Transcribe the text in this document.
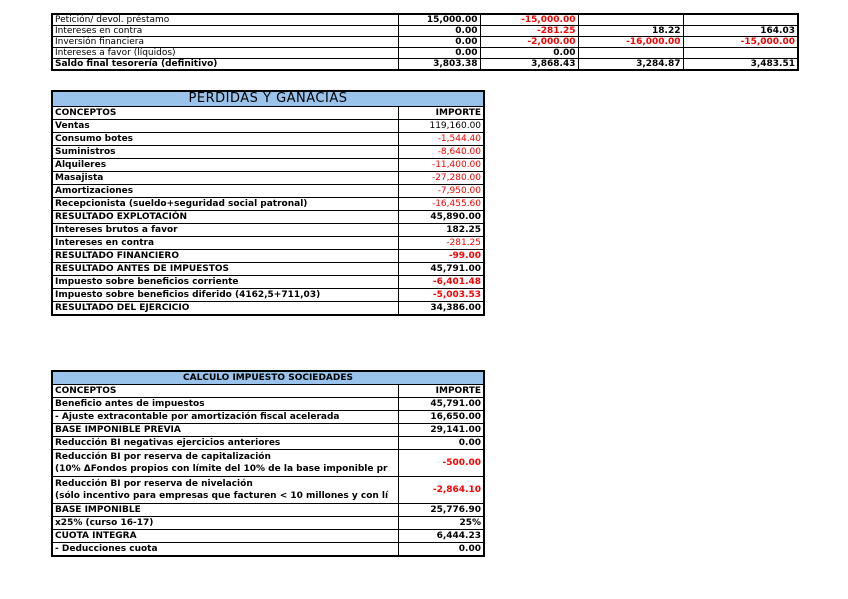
Petición/ devol. préstamo	15,000.00	-15,000.00		
Intereses en contra	0.00	-281.25	18.22	164.03
Inversión financiera	0.00	-2,000.00	-16,000.00	-15,000.00
Intereses a favor (líquidos)	0.00	0.00		
Saldo final tesorería (definitivo)	3,803.38	3,868.43	3,284.87	3,483.51
PERDIDAS Y GANACIAS	
CONCEPTOS	IMPORTE
Ventas	119,160.00
Consumo botes	-1,544.40
Suministros	-8,640.00
Alquileres	-11,400.00
Masajista	-27,280.00
Amortizaciones	-7,950.00
Recepcionista (sueldo+seguridad social patronal)	-16,455.60
RESULTADO EXPLOTACIÓN	45,890.00
Intereses brutos a favor	182.25
Intereses en contra	-281.25
RESULTADO FINANCIERO	-99.00
RESULTADO ANTES DE IMPUESTOS	45,791.00
Impuesto sobre beneficios corriente	-6,401.48
Impuesto sobre beneficios diferido (4162,5+711,03)	-5,003.53
RESULTADO DEL EJERCICIO	34,386.00
CALCULO IMPUESTO SOCIEDADES	
CONCEPTOS	IMPORTE
Beneficio antes de impuestos	45,791.00
- Ajuste extracontable por amortización fiscal acelerada	16,650.00
BASE IMPONIBLE PREVIA	29,141.00
Reducción BI negativas ejercicios anteriores	0.00

Reducción BI por reserva de capitalización
(10% ΔFondos propios con límite del 10% de la base imponible pr	-500.00

Reducción BI por reserva de nivelación
(sólo incentivo para empresas que facturen < 10 millones y con lí	-2,864.10
BASE IMPONIBLE	25,776.90
x25% (curso 16-17)	25%
CUOTA INTEGRA	6,444.23
- Deducciones cuota	0.00
